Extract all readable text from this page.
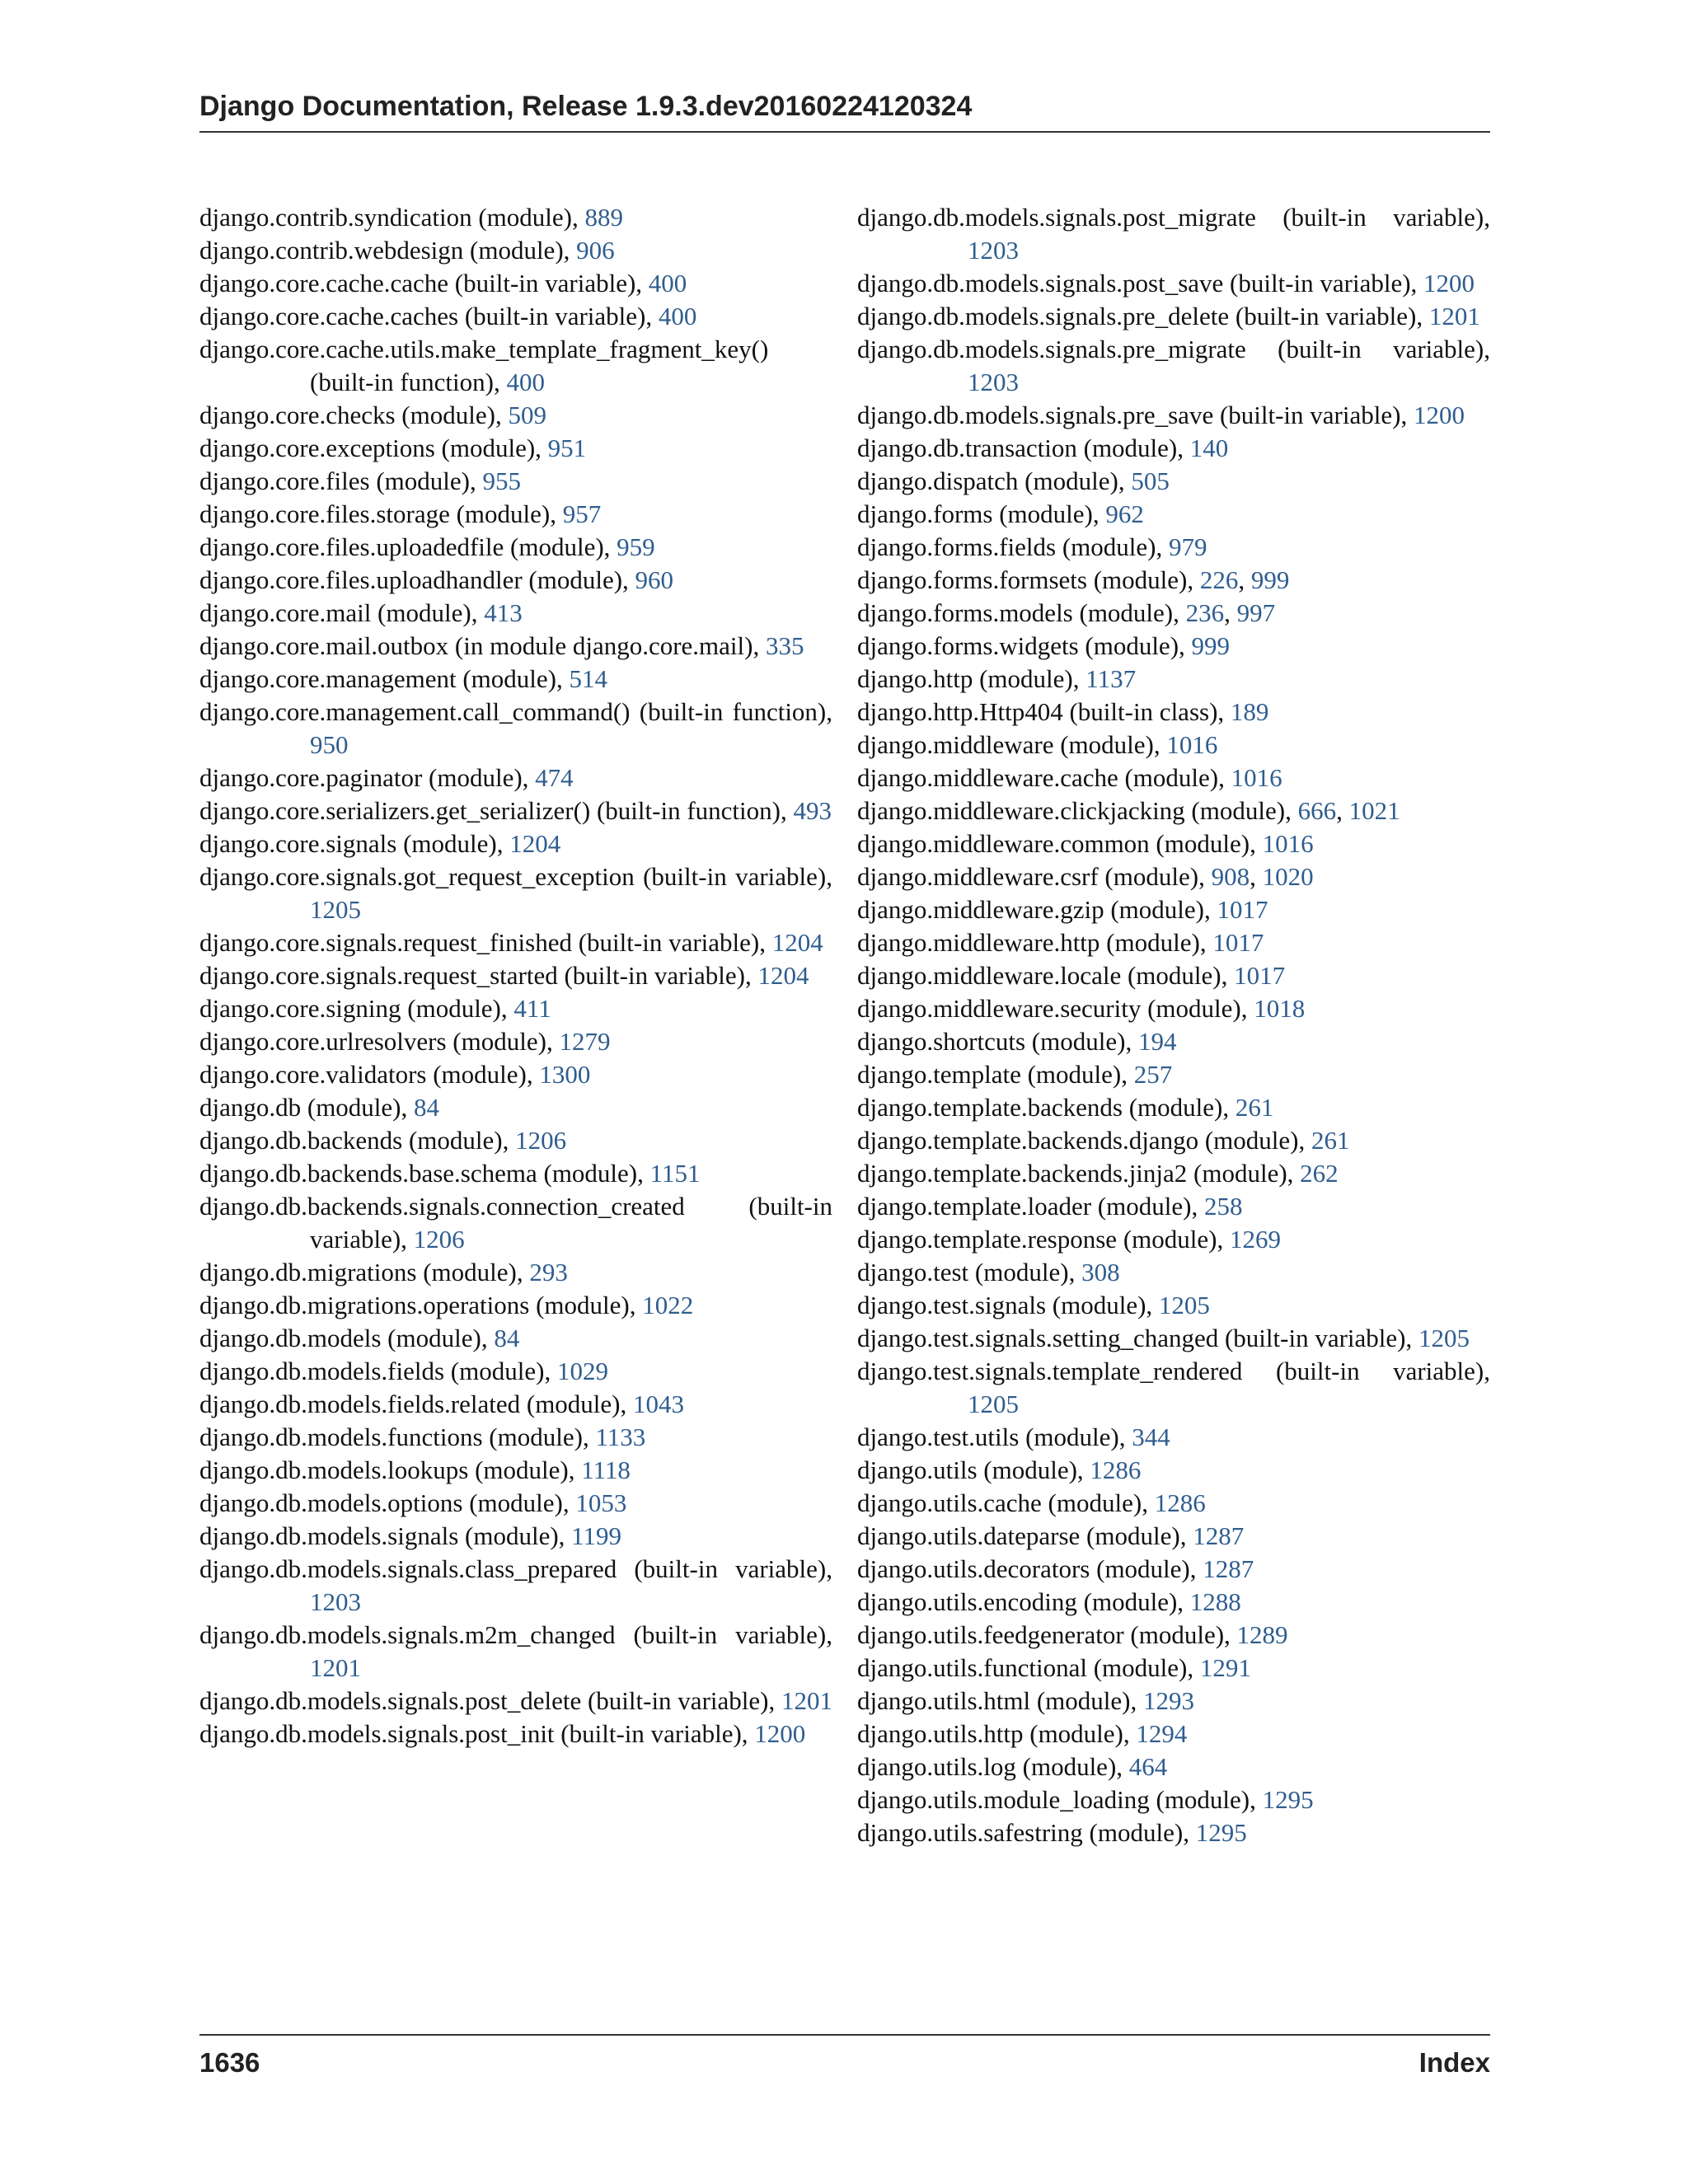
Django Documentation, Release 1.9.3.dev20160224120324
django.contrib.syndication (module), 889
django.contrib.webdesign (module), 906
django.core.cache.cache (built-in variable), 400
django.core.cache.caches (built-in variable), 400
django.core.cache.utils.make_template_fragment_key() (built-in function), 400
django.core.checks (module), 509
django.core.exceptions (module), 951
django.core.files (module), 955
django.core.files.storage (module), 957
django.core.files.uploadedfile (module), 959
django.core.files.uploadhandler (module), 960
django.core.mail (module), 413
django.core.mail.outbox (in module django.core.mail), 335
django.core.management (module), 514
django.core.management.call_command() (built-in function), 950
django.core.paginator (module), 474
django.core.serializers.get_serializer() (built-in function), 493
django.core.signals (module), 1204
django.core.signals.got_request_exception (built-in variable), 1205
django.core.signals.request_finished (built-in variable), 1204
django.core.signals.request_started (built-in variable), 1204
django.core.signing (module), 411
django.core.urlresolvers (module), 1279
django.core.validators (module), 1300
django.db (module), 84
django.db.backends (module), 1206
django.db.backends.base.schema (module), 1151
django.db.backends.signals.connection_created (built-in variable), 1206
django.db.migrations (module), 293
django.db.migrations.operations (module), 1022
django.db.models (module), 84
django.db.models.fields (module), 1029
django.db.models.fields.related (module), 1043
django.db.models.functions (module), 1133
django.db.models.lookups (module), 1118
django.db.models.options (module), 1053
django.db.models.signals (module), 1199
django.db.models.signals.class_prepared (built-in variable), 1203
django.db.models.signals.m2m_changed (built-in variable), 1201
django.db.models.signals.post_delete (built-in variable), 1201
django.db.models.signals.post_init (built-in variable), 1200
django.db.models.signals.post_migrate (built-in variable), 1203
django.db.models.signals.post_save (built-in variable), 1200
django.db.models.signals.pre_delete (built-in variable), 1201
django.db.models.signals.pre_migrate (built-in variable), 1203
django.db.models.signals.pre_save (built-in variable), 1200
django.db.transaction (module), 140
django.dispatch (module), 505
django.forms (module), 962
django.forms.fields (module), 979
django.forms.formsets (module), 226, 999
django.forms.models (module), 236, 997
django.forms.widgets (module), 999
django.http (module), 1137
django.http.Http404 (built-in class), 189
django.middleware (module), 1016
django.middleware.cache (module), 1016
django.middleware.clickjacking (module), 666, 1021
django.middleware.common (module), 1016
django.middleware.csrf (module), 908, 1020
django.middleware.gzip (module), 1017
django.middleware.http (module), 1017
django.middleware.locale (module), 1017
django.middleware.security (module), 1018
django.shortcuts (module), 194
django.template (module), 257
django.template.backends (module), 261
django.template.backends.django (module), 261
django.template.backends.jinja2 (module), 262
django.template.loader (module), 258
django.template.response (module), 1269
django.test (module), 308
django.test.signals (module), 1205
django.test.signals.setting_changed (built-in variable), 1205
django.test.signals.template_rendered (built-in variable), 1205
django.test.utils (module), 344
django.utils (module), 1286
django.utils.cache (module), 1286
django.utils.dateparse (module), 1287
django.utils.decorators (module), 1287
django.utils.encoding (module), 1288
django.utils.feedgenerator (module), 1289
django.utils.functional (module), 1291
django.utils.html (module), 1293
django.utils.http (module), 1294
django.utils.log (module), 464
django.utils.module_loading (module), 1295
django.utils.safestring (module), 1295
1636	Index
